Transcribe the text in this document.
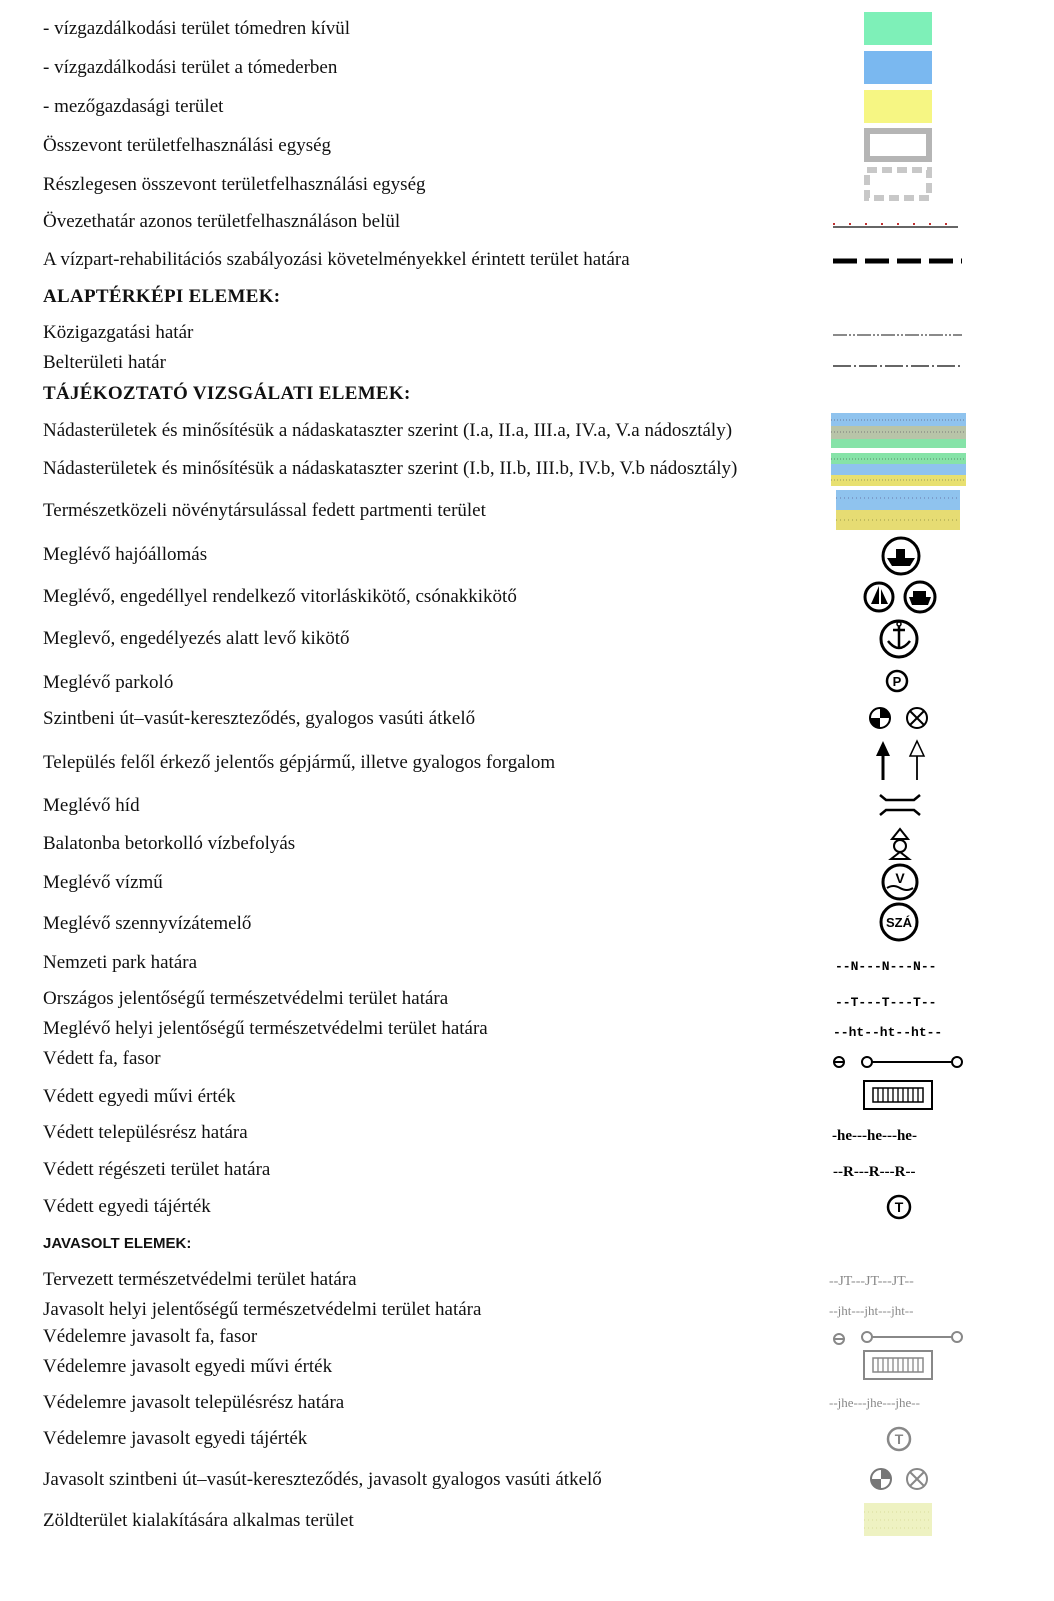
- vízgazdálkodási terület tómedren kívül
- vízgazdálkodási terület a tómederben
- mezőgazdasági terület
Összevont területfelhasználási egység
Részlegesen összevont területfelhasználási egység
Övezethatár azonos területfelhasználáson belül
A vízpart-rehabilitációs szabályozási követelményekkel érintett terület határa
ALAPTÉRKÉPI ELEMEK:
Közigazgatási határ
Belterületi határ
TÁJÉKOZTATÓ VIZSGÁLATI ELEMEK:
Nádasterületek és minősítésük a nádaskataszter szerint (I.a, II.a, III.a, IV.a, V.a nádosztály)
Nádasterületek és minősítésük a nádaskataszter szerint (I.b, II.b, III.b, IV.b, V.b nádosztály)
Természetközeli növénytársulással fedett partmenti terület
Meglévő hajóállomás
Meglévő, engedéllyel rendelkező vitorláskikötő, csónakkikötő
Meglevő, engedélyezés alatt levő kikötő
Meglévő parkoló	P
Szintbeni út–vasút-kereszteződés, gyalogos vasúti átkelő
Település felől érkező jelentős gépjármű, illetve gyalogos forgalom
Meglévő híd
Balatonba betorkolló vízbefolyás
Meglévő vízmű	V
Meglévő szennyvízátemelő	SZÁ
Nemzeti park határa	--N---N---N--
Országos jelentőségű természetvédelmi terület határa	--T---T---T--
Meglévő helyi jelentőségű természetvédelmi terület határa	--ht--ht--ht--
Védett fa, fasor
Védett egyedi művi érték
Védett településrész határa	-he---he---he-
Védett régészeti terület határa	--R---R---R--
Védett egyedi tájérték	T
JAVASOLT ELEMEK:
Tervezett természetvédelmi terület határa	--JT---JT---JT--
Javasolt helyi jelentőségű természetvédelmi terület határa	--jht---jht---jht--
Védelemre javasolt fa, fasor
Védelemre javasolt egyedi művi érték
Védelemre javasolt településrész határa	--jhe---jhe---jhe--
Védelemre javasolt egyedi tájérték	T
Javasolt szintbeni út–vasút-kereszteződés, javasolt gyalogos vasúti átkelő
Zöldterület kialakítására alkalmas terület
